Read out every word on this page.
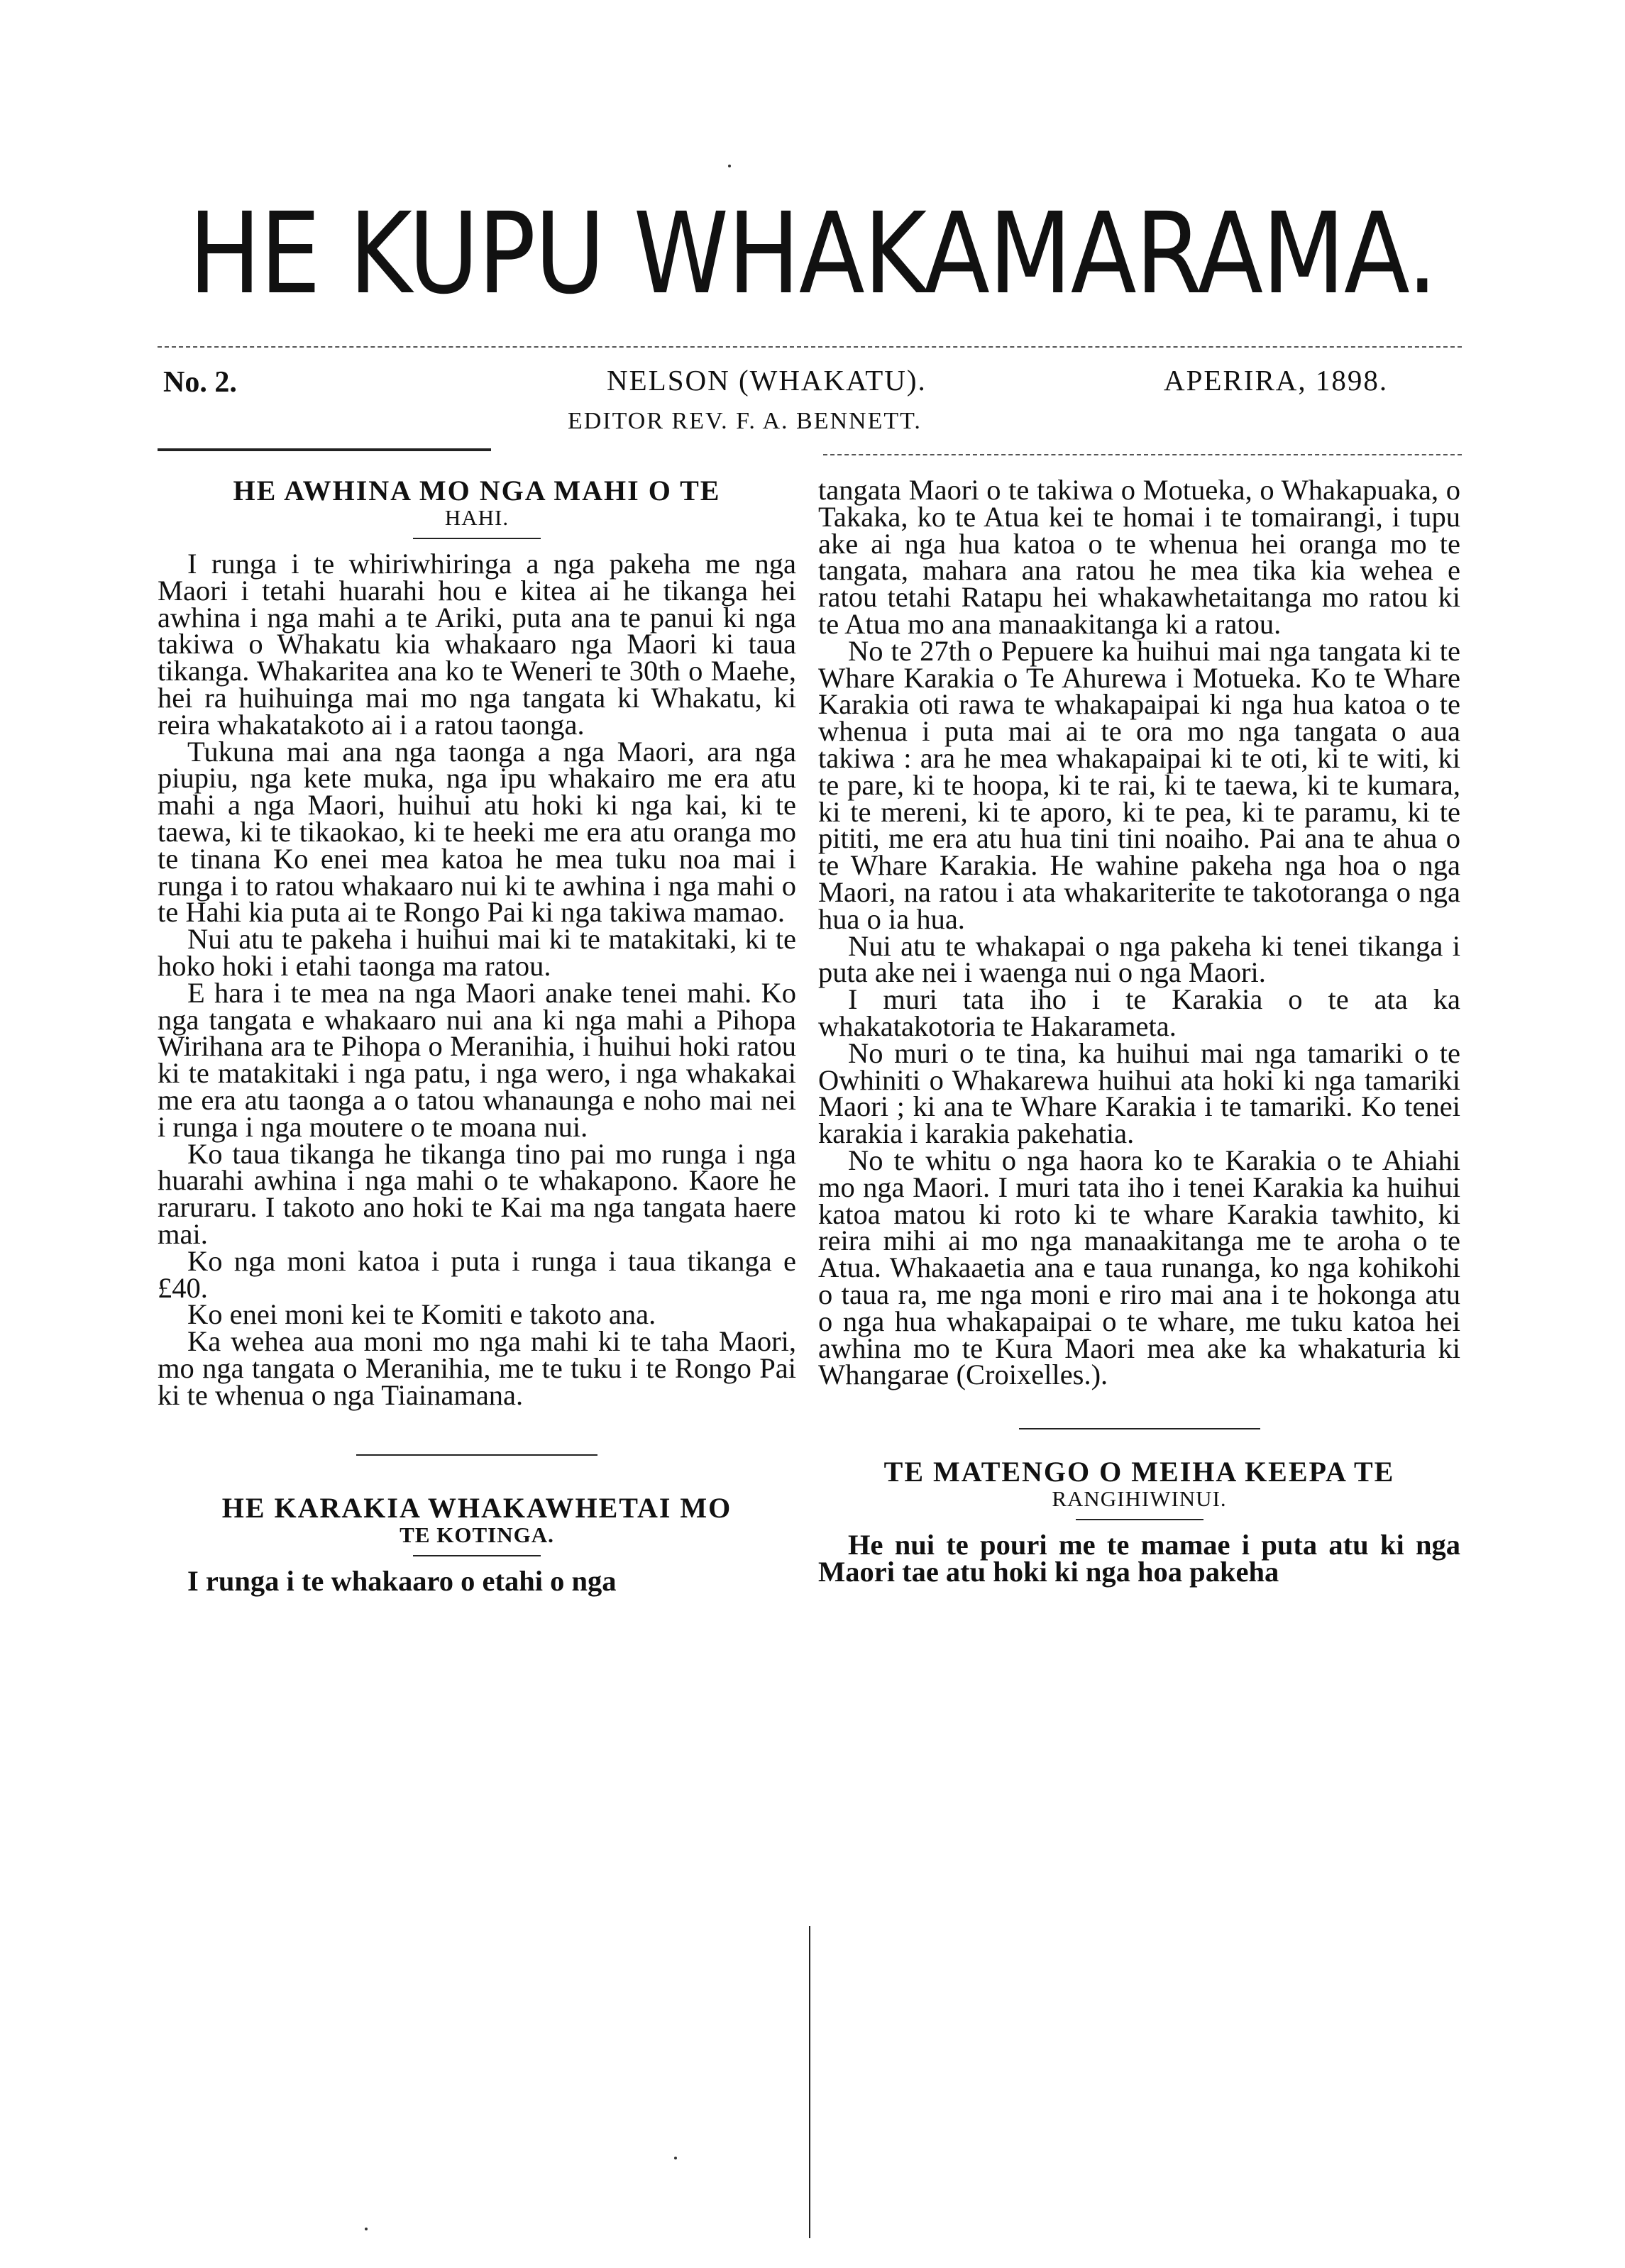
HE KUPU WHAKAMARAMA.
No. 2.	NELSON (WHAKATU).	APERIRA, 1898.
EDITOR REV. F. A. BENNETT.
HE AWHINA MO NGA MAHI O TE
HAHI.

I runga i te whiriwhiringa a nga pakeha me nga Maori i tetahi huarahi hou e kitea ai he tikanga hei awhina i nga mahi a te Ariki, puta ana te panui ki nga takiwa o Whakatu kia whakaaro nga Maori ki taua tikanga. Whakaritea ana ko te Weneri te 30th o Maehe, hei ra huihuinga mai mo nga tangata ki Whakatu, ki reira whakatakoto ai i a ratou taonga.

Tukuna mai ana nga taonga a nga Maori, ara nga piupiu, nga kete muka, nga ipu whakairo me era atu mahi a nga Maori, huihui atu hoki ki nga kai, ki te taewa, ki te tikaokao, ki te heeki me era atu oranga mo te tinana Ko enei mea katoa he mea tuku noa mai i runga i to ratou whakaaro nui ki te awhina i nga mahi o te Hahi kia puta ai te Rongo Pai ki nga takiwa mamao.

Nui atu te pakeha i huihui mai ki te matakitaki, ki te hoko hoki i etahi taonga ma ratou.

E hara i te mea na nga Maori anake tenei mahi. Ko nga tangata e whakaaro nui ana ki nga mahi a Pihopa Wirihana ara te Pihopa o Meranihia, i huihui hoki ratou ki te matakitaki i nga patu, i nga wero, i nga whakakai me era atu taonga a o tatou whanaunga e noho mai nei i runga i nga moutere o te moana nui.

Ko taua tikanga he tikanga tino pai mo runga i nga huarahi awhina i nga mahi o te whakapono. Kaore he raruraru. I takoto ano hoki te Kai ma nga tangata haere mai.

Ko nga moni katoa i puta i runga i taua tikanga e £40.

Ko enei moni kei te Komiti e takoto ana.

Ka wehea aua moni mo nga mahi ki te taha Maori, mo nga tangata o Meranihia, me te tuku i te Rongo Pai ki te whenua o nga Tiainamana.

HE KARAKIA WHAKAWHETAI MO
TE KOTINGA.

I runga i te whakaaro o etahi o nga

tangata Maori o te takiwa o Motueka, o Whakapuaka, o Takaka, ko te Atua kei te homai i te tomairangi, i tupu ake ai nga hua katoa o te whenua hei oranga mo te tangata, mahara ana ratou he mea tika kia wehea e ratou tetahi Ratapu hei whakawhetaitanga mo ratou ki te Atua mo ana manaakitanga ki a ratou.

No te 27th o Pepuere ka huihui mai nga tangata ki te Whare Karakia o Te Ahurewa i Motueka. Ko te Whare Karakia oti rawa te whakapaipai ki nga hua katoa o te whenua i puta mai ai te ora mo nga tangata o aua takiwa : ara he mea whakapaipai ki te oti, ki te witi, ki te pare, ki te hoopa, ki te rai, ki te taewa, ki te kumara, ki te mereni, ki te aporo, ki te pea, ki te paramu, ki te pititi, me era atu hua tini tini noaiho. Pai ana te ahua o te Whare Karakia. He wahine pakeha nga hoa o nga Maori, na ratou i ata whakariterite te takotoranga o nga hua o ia hua.

Nui atu te whakapai o nga pakeha ki tenei tikanga i puta ake nei i waenga nui o nga Maori.

I muri tata iho i te Karakia o te ata ka whakatakotoria te Hakarameta.

No muri o te tina, ka huihui mai nga tamariki o te Owhiniti o Whakarewa huihui ata hoki ki nga tamariki Maori ; ki ana te Whare Karakia i te tamariki. Ko tenei karakia i karakia pakehatia.

No te whitu o nga haora ko te Karakia o te Ahiahi mo nga Maori. I muri tata iho i tenei Karakia ka huihui katoa matou ki roto ki te whare Karakia tawhito, ki reira mihi ai mo nga manaakitanga me te aroha o te Atua. Whakaaetia ana e taua runanga, ko nga kohikohi o taua ra, me nga moni e riro mai ana i te hokonga atu o nga hua whakapaipai o te whare, me tuku katoa hei awhina mo te Kura Maori mea ake ka whakaturia ki Whangarae (Croixelles.).

TE MATENGO O MEIHA KEEPA TE
RANGIHIWINUI.

He nui te pouri me te mamae i puta atu ki nga Maori tae atu hoki ki nga hoa pakeha
